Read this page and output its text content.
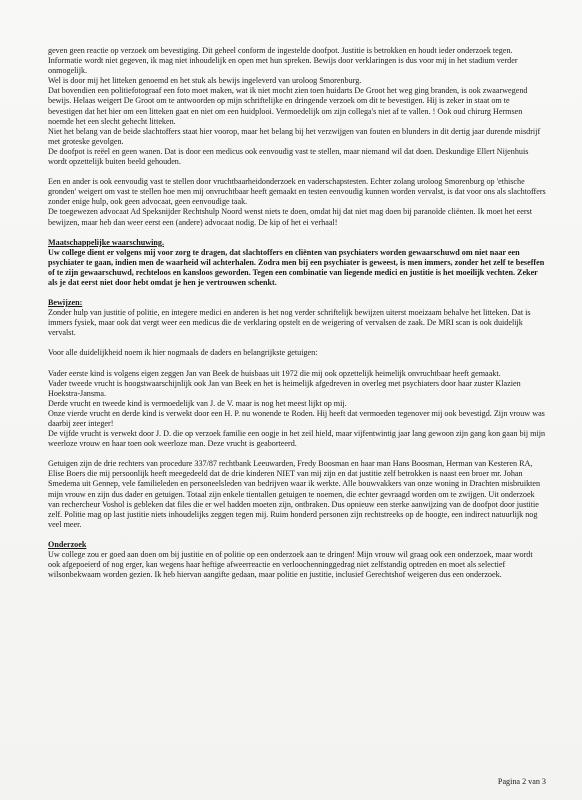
geven geen reactie op verzoek om bevestiging. Dit geheel conform de ingestelde doofpot. Justitie is betrokken en houdt ieder onderzoek tegen. Informatie wordt niet gegeven, ik mag niet inhoudelijk en open met hun spreken. Bewijs door verklaringen is dus voor mij in het stadium verder onmogelijk.

Wel is door mij het litteken genoemd en het stuk als bewijs ingeleverd van uroloog Smorenburg.

Dat bovendien een politiefotograaf een foto moet maken, wat ik niet mocht zien toen huidarts De Groot het weg ging branden, is ook zwaarwegend bewijs. Helaas weigert De Groot om te antwoorden op mijn schriftelijke en dringende verzoek om dit te bevestigen. Hij is zeker in staat om te bevestigen dat het hier om een litteken gaat en niet om een huidplooi. Vermoedelijk om zijn collega's niet af te vallen. ! Ook oud chirurg Hermsen noemde het een slecht gehecht litteken.

Niet het belang van de beide slachtoffers staat hier voorop, maar het belang bij het verzwijgen van fouten en blunders in dit dertig jaar durende misdrijf met groteske gevolgen.

De doofpot is reëel en geen wanen. Dat is door een medicus ook eenvoudig vast te stellen, maar niemand wil dat doen. Deskundige Ellert Nijenhuis wordt opzettelijk buiten beeld gehouden.

Een en ander is ook eenvoudig vast te stellen door vruchtbaarheidonderzoek en vaderschapstesten. Echter zolang uroloog Smorenburg op 'ethische gronden' weigert om vast te stellen hoe men mij onvruchtbaar heeft gemaakt en testen eenvoudig kunnen worden vervalst, is dat voor ons als slachtoffers zonder enige hulp, ook geen advocaat, geen eenvoudige taak.

De toegewezen advocaat Ad Speksnijder Rechtshulp Noord wenst niets te doen, omdat hij dat niet mag doen bij paranoïde cliënten. Ik moet het eerst bewijzen, maar heb dan weer eerst een (andere) advocaat nodig. De kip of het ei verhaal!

Maatschappelijke waarschuwing.

Uw college dient er volgens mij voor zorg te dragen, dat slachtoffers en cliënten van psychiaters worden gewaarschuwd om niet naar een psychiater te gaan, indien men de waarheid wil achterhalen. Zodra men bij een psychiater is geweest, is men immers, zonder het zelf te beseffen of te zijn gewaarschuwd, rechteloos en kansloos geworden. Tegen een combinatie van liegende medici en justitie is het moeilijk vechten. Zeker als je dat eerst niet door hebt omdat je hen je vertrouwen schenkt.

Bewijzen:

Zonder hulp van justitie of politie, en integere medici en anderen is het nog verder schriftelijk bewijzen uiterst moeizaam behalve het litteken. Dat is immers fysiek, maar ook dat vergt weer een medicus die de verklaring opstelt en de weigering of vervalsen de zaak. De MRI scan is ook duidelijk vervalst.

Voor alle duidelijkheid noem ik hier nogmaals de daders en belangrijkste getuigen:

Vader eerste kind is volgens eigen zeggen Jan van Beek de huisbaas uit 1972 die mij ook opzettelijk heimelijk onvruchtbaar heeft gemaakt.

Vader tweede vrucht is hoogstwaarschijnlijk ook Jan van Beek en het is heimelijk afgedreven in overleg met psychiaters door haar zuster Klazien Hoekstra-Jansma.

Derde vrucht en tweede kind is vermoedelijk van J. de V. maar is nog het meest lijkt op mij.

Onze vierde vrucht en derde kind is verwekt door een H. P. nu wonende te Roden. Hij heeft dat vermoeden tegenover mij ook bevestigd. Zijn vrouw was daarbij zeer integer!

De vijfde vrucht is verwekt door J. D. die op verzoek familie een oogje in het zeil hield, maar vijfentwintig jaar lang gewoon zijn gang kon gaan bij mijn weerloze vrouw en haar toen ook weerloze man. Deze vrucht is geaborteerd.

Getuigen zijn de drie rechters van procedure 337/87 rechtbank Leeuwarden, Fredy Boosman en haar man Hans Boosman, Herman van Kesteren RA, Elise Boers die mij persoonlijk heeft meegedeeld dat de drie kinderen NIET van mij zijn en dat justitie zelf betrokken is naast een broer mr. Johan Smedema uit Gennep, vele familieleden en personeelsleden van bedrijven waar ik werkte. Alle bouwvakkers van onze woning in Drachten misbruikten mijn vrouw en zijn dus dader en getuigen. Totaal zijn enkele tientallen getuigen te noemen, die echter gevraagd worden om te zwijgen. Uit onderzoek van rechercheur Voshol is gebleken dat files die er wel hadden moeten zijn, ontbraken. Dus opnieuw een sterke aanwijzing van de doofpot door justitie zelf. Politie mag op last justitie niets inhoudelijks zeggen tegen mij. Ruim honderd personen zijn rechtstreeks op de hoogte, een indirect natuurlijk nog veel meer.

Onderzoek

Uw college zou er goed aan doen om bij justitie en of politie op een onderzoek aan te dringen! Mijn vrouw wil graag ook een onderzoek, maar wordt ook afgepoeierd of nog erger, kan wegens haar heftige afweerreactie en verloochenninggedrag niet zelfstandig optreden en moet als selectief wilsonbekwaam worden gezien. Ik heb hiervan aangifte gedaan, maar politie en justitie, inclusief Gerechtshof weigeren dus een onderzoek.

Pagina 2 van 3
